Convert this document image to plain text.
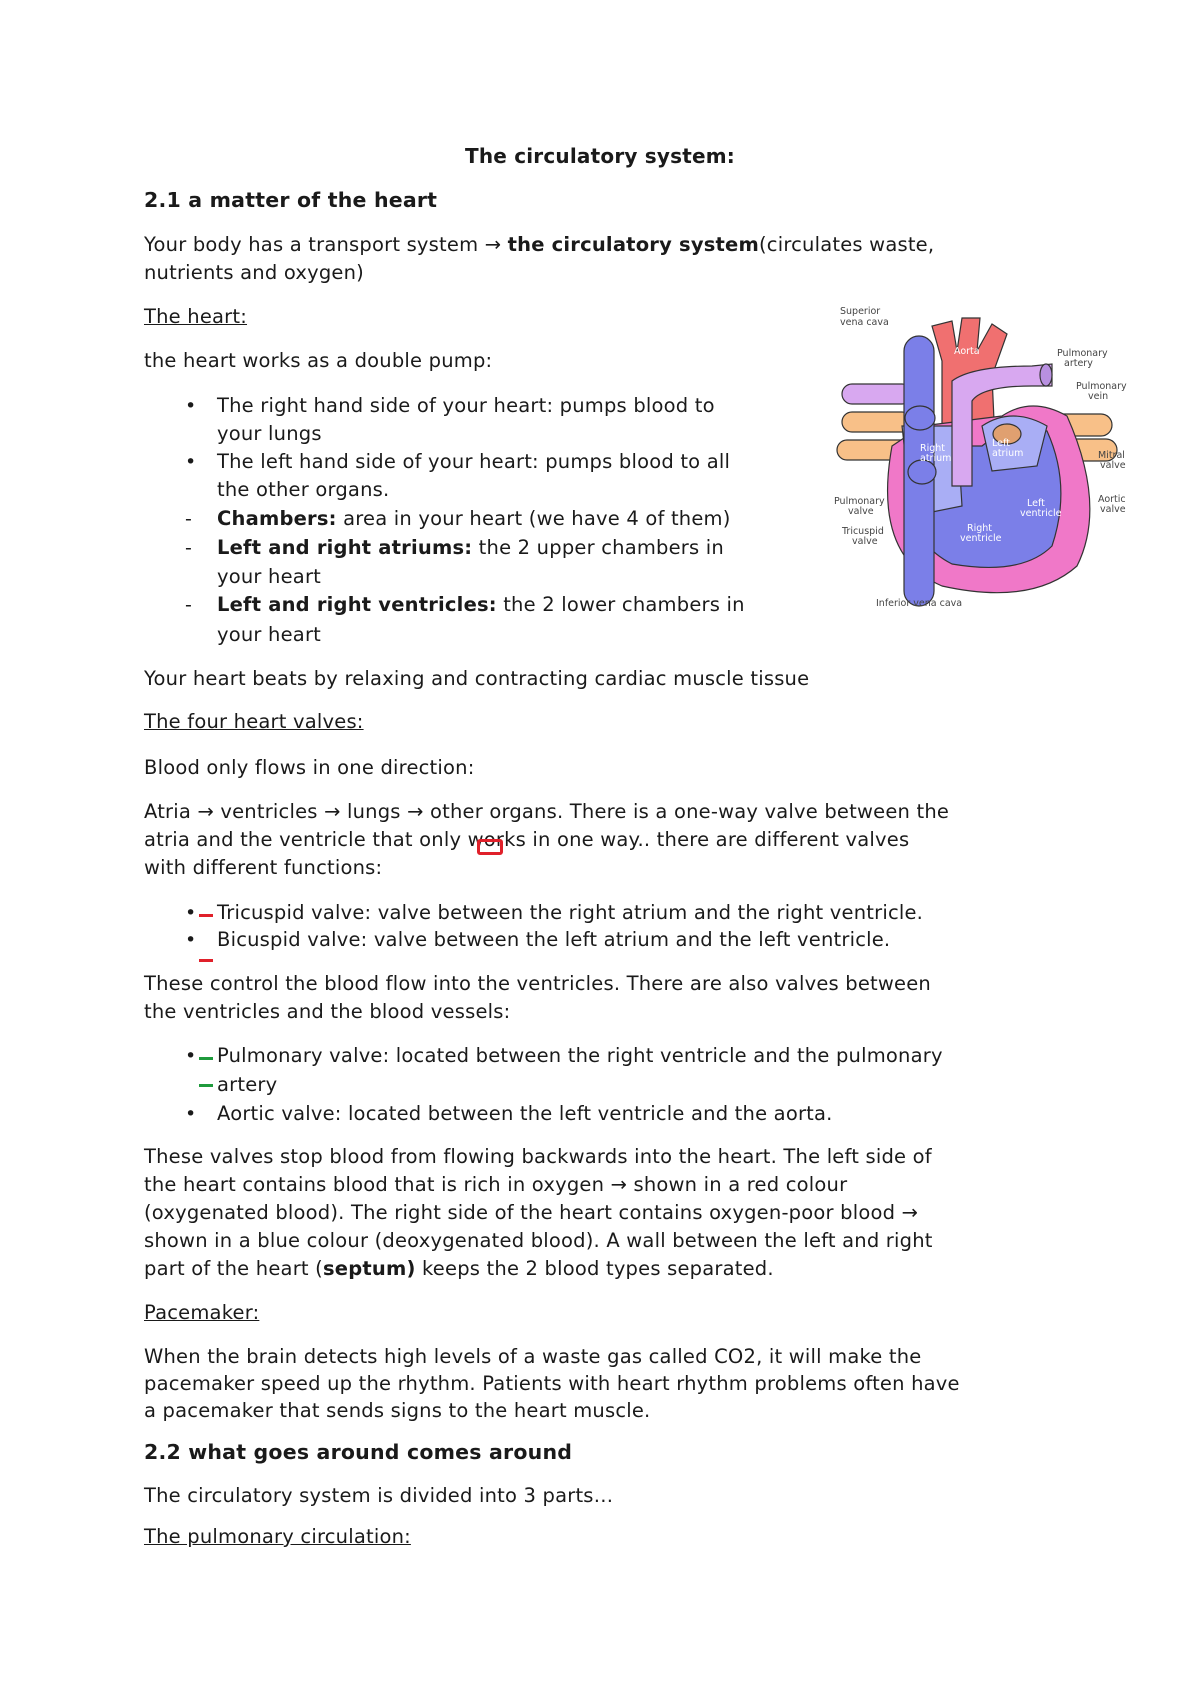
The circulatory system:
2.1 a matter of the heart
Your body has a transport system → the circulatory system(circulates waste,
nutrients and oxygen)
The heart:
the heart works as a double pump:
• The right hand side of your heart: pumps blood to
your lungs
• The left hand side of your heart: pumps blood to all
the other organs.
- Chambers: area in your heart (we have 4 of them)
- Left and right atriums: the 2 upper chambers in
your heart
- Left and right ventricles: the 2 lower chambers in
your heart
Your heart beats by relaxing and contracting cardiac muscle tissue
The four heart valves:
Blood only flows in one direction:
Atria → ventricles → lungs → other organs. There is a one-way valve between the
atria and the ventricle that only works in one way.. there are different valves
with different functions:
• Tricuspid valve: valve between the right atrium and the right ventricle.
• Bicuspid valve: valve between the left atrium and the left ventricle.
These control the blood flow into the ventricles. There are also valves between
the ventricles and the blood vessels:
• Pulmonary valve: located between the right ventricle and the pulmonary
artery
• Aortic valve: located between the left ventricle and the aorta.
These valves stop blood from flowing backwards into the heart. The left side of
the heart contains blood that is rich in oxygen → shown in a red colour
(oxygenated blood). The right side of the heart contains oxygen-poor blood →
shown in a blue colour (deoxygenated blood). A wall between the left and right
part of the heart (septum) keeps the 2 blood types separated.
Pacemaker:
When the brain detects high levels of a waste gas called CO2, it will make the
pacemaker speed up the rhythm. Patients with heart rhythm problems often have
a pacemaker that sends signs to the heart muscle.
2.2 what goes around comes around
The circulatory system is divided into 3 parts…
The pulmonary circulation:
Superior
vena cava
Aorta	Pulmonary
artery
Pulmonary
vein
Left
atrium
Right
atrium	Mitral
valve
Aortic
valve
Pulmonary
valve
Tricuspid
valve
Left
ventricle
Right
ventricle
Inferior vena cava
